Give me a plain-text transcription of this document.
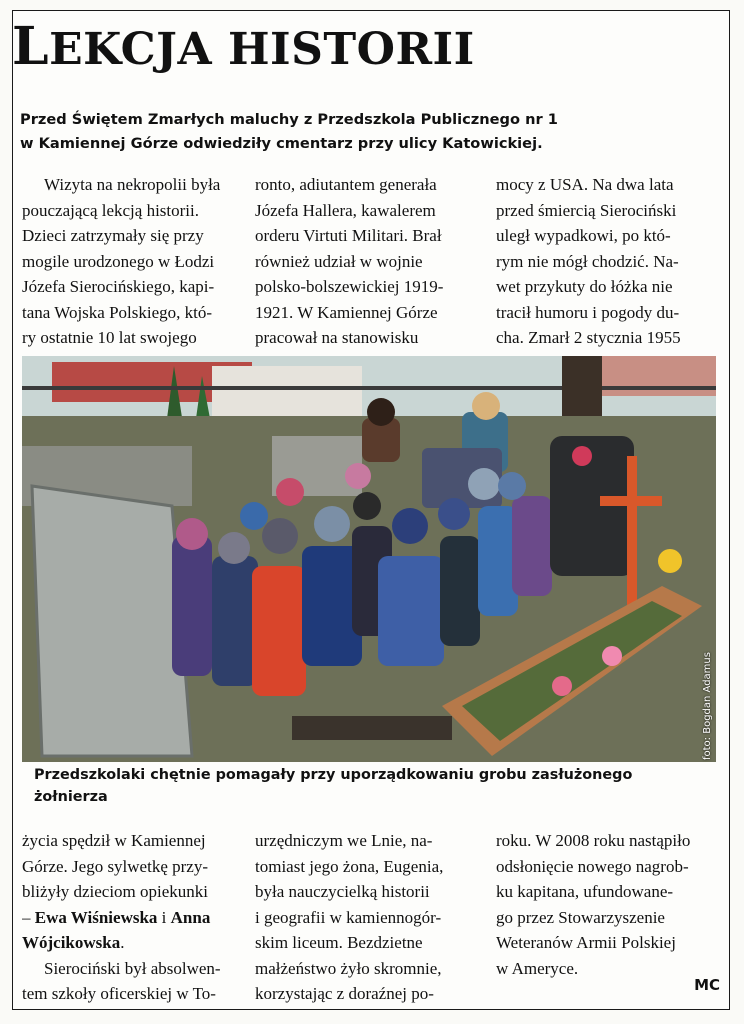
LEKCJA HISTORII
Przed Świętem Zmarłych maluchy z Przedszkola Publicznego nr 1
w Kamiennej Górze odwiedziły cmentarz przy ulicy Katowickiej.
Wizyta na nekropolii była
pouczającą lekcją historii.
Dzieci zatrzymały się przy
mogile urodzonego w Łodzi
Józefa Sierocińskiego, kapi-
tana Wojska Polskiego, któ-
ry ostatnie 10 lat swojego
ronto, adiutantem generała
Józefa Hallera, kawalerem
orderu Virtuti Militari. Brał
również udział w wojnie
polsko-bolszewickiej 1919-
1921. W Kamiennej Górze
pracował na stanowisku
mocy z USA. Na dwa lata
przed śmiercią Sierociński
uległ wypadkowi, po któ-
rym nie mógł chodzić. Na-
wet przykuty do łóżka nie
tracił humoru i pogody du-
cha. Zmarł 2 stycznia 1955
foto: Bogdan Adamus
Przedszkolaki chętnie pomagały przy uporządkowaniu grobu zasłużonego
żołnierza
życia spędził w Kamiennej
Górze. Jego sylwetkę przy-
bliżyły dzieciom opiekunki
– Ewa Wiśniewska i Anna
Wójcikowska.
Sierociński był absolwen-
tem szkoły oficerskiej w To-
urzędniczym we Lnie, na-
tomiast jego żona, Eugenia,
była nauczycielką historii
i geografii w kamiennogór-
skim liceum. Bezdzietne
małżeństwo żyło skromnie,
korzystając z doraźnej po-
roku. W 2008 roku nastąpiło
odsłonięcie nowego nagrob-
ku kapitana, ufundowane-
go przez Stowarzyszenie
Weteranów Armii Polskiej
w Ameryce.
MC
